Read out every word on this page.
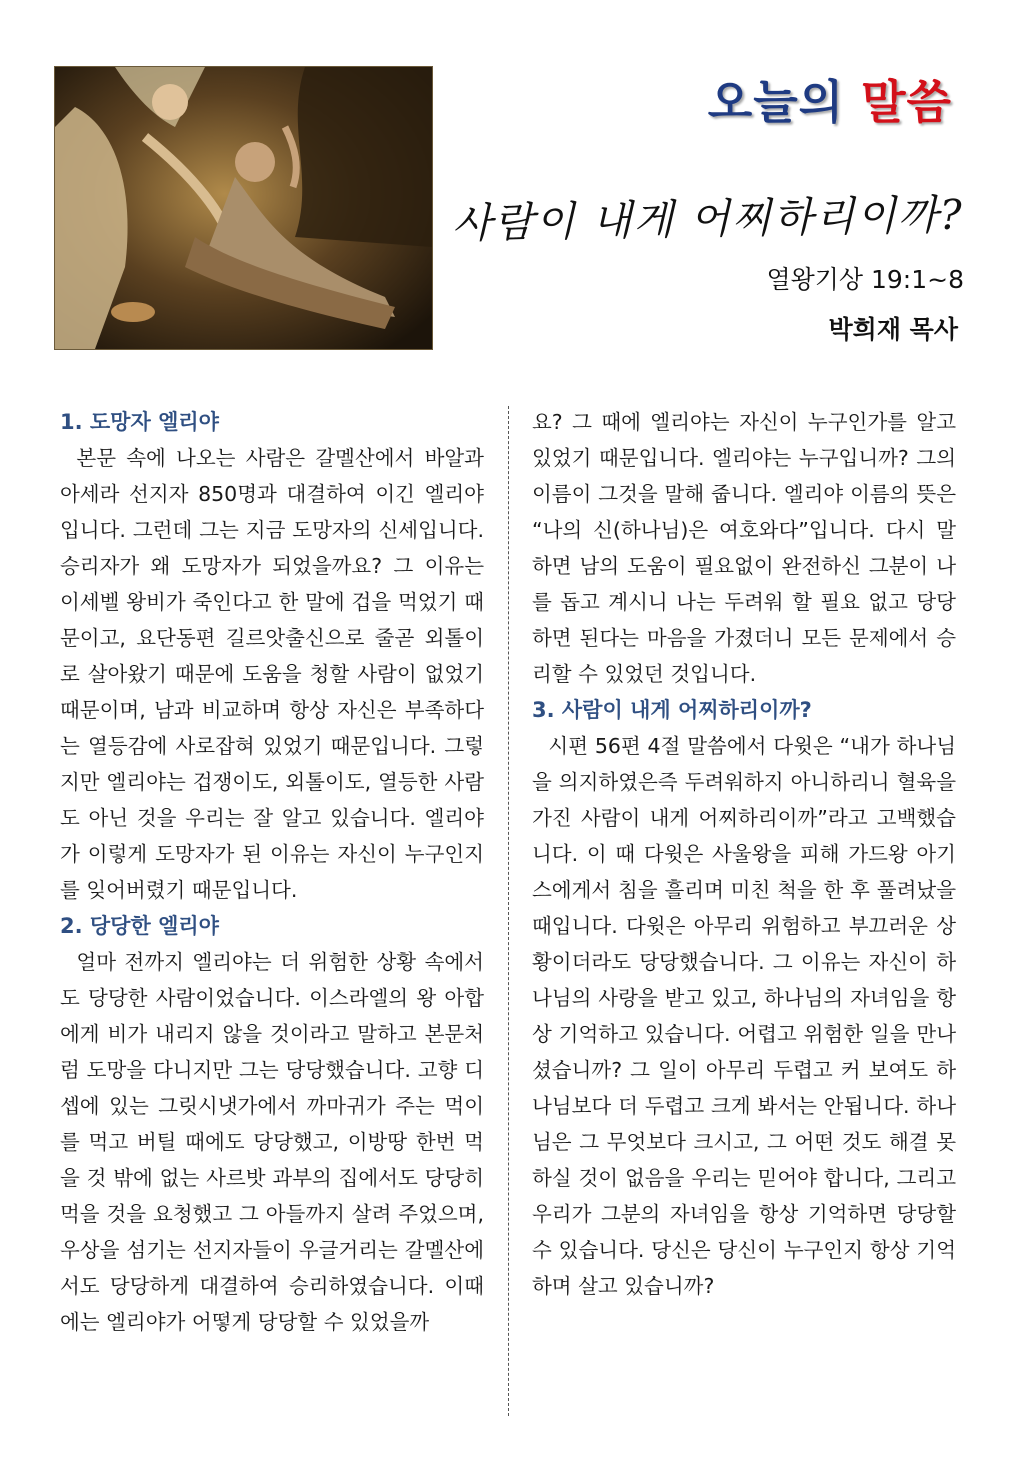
오늘의 말씀
사람이 내게 어찌하리이까?
열왕기상 19:1~8
박희재 목사
1. 도망자 엘리야

본문 속에 나오는 사람은 갈멜산에서 바알과 아세라 선지자 850명과 대결하여 이긴 엘리야입니다. 그런데 그는 지금 도망자의 신세입니다. 승리자가 왜 도망자가 되었을까요? 그 이유는 이세벨 왕비가 죽인다고 한 말에 겁을 먹었기 때문이고, 요단동편 길르앗출신으로 줄곧 외톨이로 살아왔기 때문에 도움을 청할 사람이 없었기 때문이며, 남과 비교하며 항상 자신은 부족하다는 열등감에 사로잡혀 있었기 때문입니다. 그렇지만 엘리야는 겁쟁이도, 외톨이도, 열등한 사람도 아닌 것을 우리는 잘 알고 있습니다. 엘리야가 이렇게 도망자가 된 이유는 자신이 누구인지를 잊어버렸기 때문입니다.

2. 당당한 엘리야

얼마 전까지 엘리야는 더 위험한 상황 속에서도 당당한 사람이었습니다. 이스라엘의 왕 아합에게 비가 내리지 않을 것이라고 말하고 본문처럼 도망을 다니지만 그는 당당했습니다. 고향 디셉에 있는 그릿시냇가에서 까마귀가 주는 먹이를 먹고 버틸 때에도 당당했고, 이방땅 한번 먹을 것 밖에 없는 사르밧 과부의 집에서도 당당히 먹을 것을 요청했고 그 아들까지 살려 주었으며, 우상을 섬기는 선지자들이 우글거리는 갈멜산에서도 당당하게 대결하여 승리하였습니다. 이때에는 엘리야가 어떻게 당당할 수 있었을까

요? 그 때에 엘리야는 자신이 누구인가를 알고 있었기 때문입니다. 엘리야는 누구입니까? 그의 이름이 그것을 말해 줍니다. 엘리야 이름의 뜻은 “나의 신(하나님)은 여호와다”입니다. 다시 말하면 남의 도움이 필요없이 완전하신 그분이 나를 돕고 계시니 나는 두려워 할 필요 없고 당당하면 된다는 마음을 가졌더니 모든 문제에서 승리할 수 있었던 것입니다.

3. 사람이 내게 어찌하리이까?

시편 56편 4절 말씀에서 다윗은 “내가 하나님을 의지하였은즉 두려워하지 아니하리니 혈육을 가진 사람이 내게 어찌하리이까”라고 고백했습니다. 이 때 다윗은 사울왕을 피해 가드왕 아기스에게서 침을 흘리며 미친 척을 한 후 풀려났을 때입니다. 다윗은 아무리 위험하고 부끄러운 상황이더라도 당당했습니다. 그 이유는 자신이 하나님의 사랑을 받고 있고, 하나님의 자녀임을 항상 기억하고 있습니다. 어렵고 위험한 일을 만나셨습니까? 그 일이 아무리 두렵고 커 보여도 하나님보다 더 두렵고 크게 봐서는 안됩니다. 하나님은 그 무엇보다 크시고, 그 어떤 것도 해결 못하실 것이 없음을 우리는 믿어야 합니다, 그리고 우리가 그분의 자녀임을 항상 기억하면 당당할 수 있습니다. 당신은 당신이 누구인지 항상 기억하며 살고 있습니까?
